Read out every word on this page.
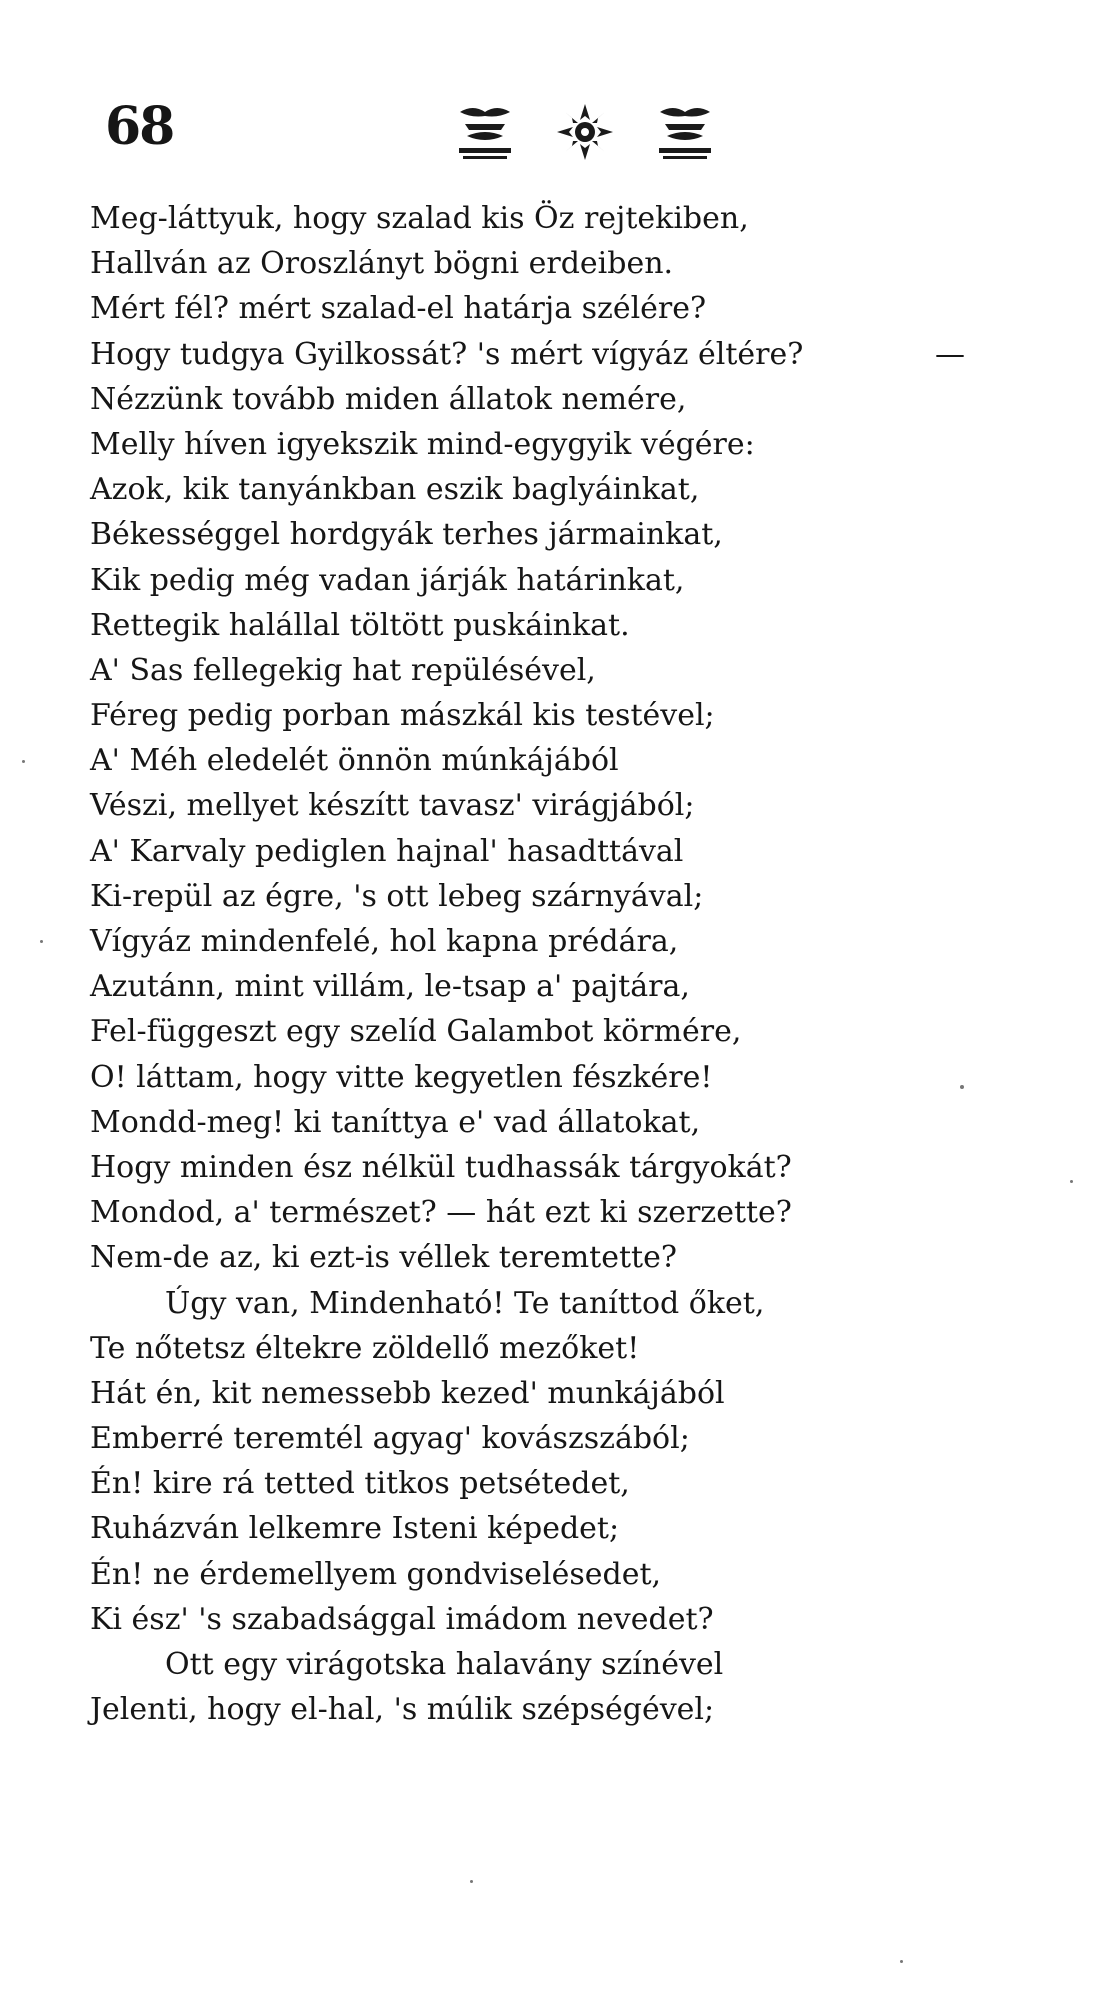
68
Meg-láttyuk, hogy szalad kis Öz rejtekiben,
Hallván az Oroszlányt bögni erdeiben.
Mért fél? mért szalad-el határja szélére?
Hogy tudgya Gyilkossát? 's mért vígyáz éltére?	—
Nézzünk tovább miden állatok nemére,
Melly híven igyekszik mind-egygyik végére:
Azok, kik tanyánkban eszik baglyáinkat,
Békességgel hordgyák terhes jármainkat,
Kik pedig még vadan járják határinkat,
Rettegik halállal töltött puskáinkat.
A' Sas fellegekig hat repülésével,
Féreg pedig porban mászkál kis testével;
A' Méh eledelét önnön múnkájából
Vészi, mellyet készítt tavasz' virágjából;
A' Karvaly pediglen hajnal' hasadttával
Ki-repül az égre, 's ott lebeg szárnyával;
Vígyáz mindenfelé, hol kapna prédára,
Azutánn, mint villám, le-tsap a' pajtára,
Fel-függeszt egy szelíd Galambot körmére,
O! láttam, hogy vitte kegyetlen fészkére!
Mondd-meg! ki taníttya e' vad állatokat,
Hogy minden ész nélkül tudhassák tárgyokát?
Mondod, a' természet? — hát ezt ki szerzette?
Nem-de az, ki ezt-is véllek teremtette?
Úgy van, Mindenható! Te taníttod őket,
Te nőtetsz éltekre zöldellő mezőket!
Hát én, kit nemessebb kezed' munkájából
Emberré teremtél agyag' kovászszából;
Én! kire rá tetted titkos petsétedet,
Ruházván lelkemre Isteni képedet;
Én! ne érdemellyem gondviselésedet,
Ki ész' 's szabadsággal imádom nevedet?
Ott egy virágotska halavány színével
Jelenti, hogy el-hal, 's múlik szépségével;
